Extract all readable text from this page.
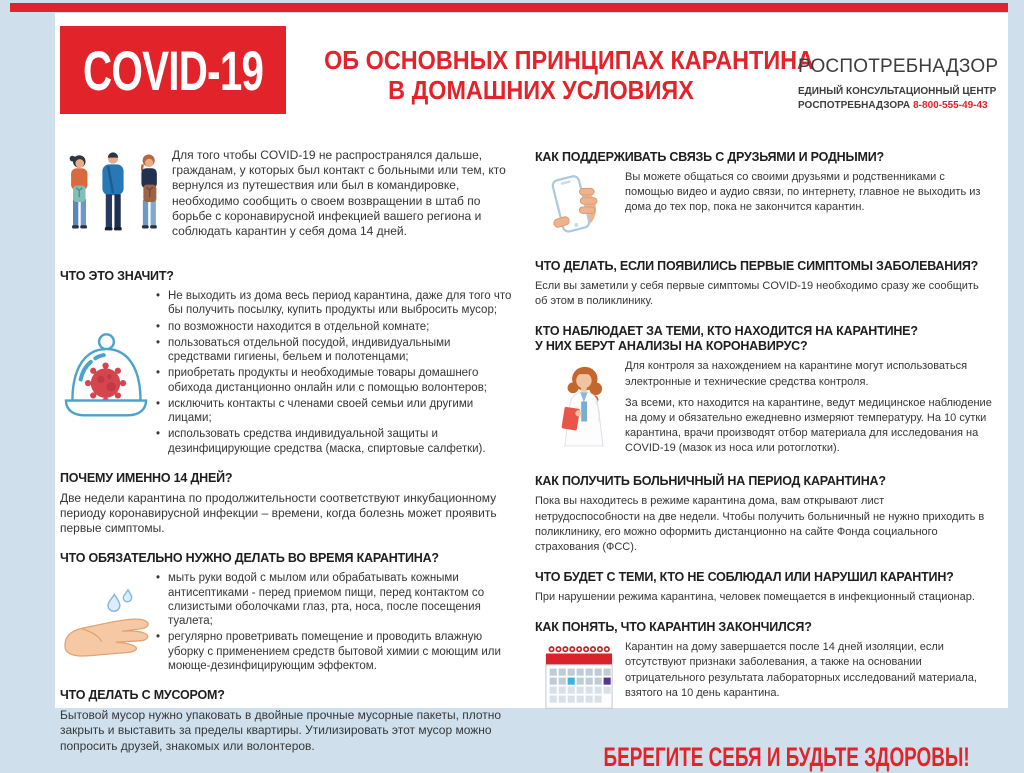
COVID-19 ОБ ОСНОВНЫХ ПРИНЦИПАХ КАРАНТИНА
В ДОМАШНИХ УСЛОВИЯХ
РОСПОТРЕБНАДЗОР
ЕДИНЫЙ КОНСУЛЬТАЦИОННЫЙ ЦЕНТР
РОСПОТРЕБНАДЗОРА 8-800-555-49-43
Для того чтобы COVID-19 не распространялся дальше, гражданам, у которых был контакт с больными или тем, кто вернулся из путешествия или был в командировке, необходимо сообщить о своем возвращении в штаб по борьбе с коронавирусной инфекцией вашего региона и соблюдать карантин у себя дома 14 дней.
ЧТО ЭТО ЗНАЧИТ?
• Не выходить из дома весь период карантина, даже для того что бы получить посылку, купить продукты или выбросить мусор;
• по возможности находится в отдельной комнате;
• пользоваться отдельной посудой, индивидуальными средствами гигиены, бельем и полотенцами;
• приобретать продукты и необходимые товары домашнего обихода дистанционно онлайн или с помощью волонтеров;
• исключить контакты с членами своей семьи или другими лицами;
• использовать средства индивидуальной защиты и дезинфицирующие средства (маска, спиртовые салфетки).
ПОЧЕМУ ИМЕННО 14 ДНЕЙ?
Две недели карантина по продолжительности соответствуют инкубационному периоду коронавирусной инфекции – времени, когда болезнь может проявить первые симптомы.
ЧТО ОБЯЗАТЕЛЬНО НУЖНО ДЕЛАТЬ ВО ВРЕМЯ КАРАНТИНА?
• мыть руки водой с мылом или обрабатывать кожными антисептиками - перед приемом пищи, перед контактом со слизистыми оболочками глаз, рта, носа, после посещения туалета;
• регулярно проветривать помещение и проводить влажную уборку с применением средств бытовой химии с моющим или моюще-дезинфицирующим эффектом.
ЧТО ДЕЛАТЬ С МУСОРОМ?
Бытовой мусор нужно упаковать в двойные прочные мусорные пакеты, плотно закрыть и выставить за пределы квартиры. Утилизировать этот мусор можно попросить друзей, знакомых или волонтеров.
КАК ПОДДЕРЖИВАТЬ СВЯЗЬ С ДРУЗЬЯМИ И РОДНЫМИ?
Вы можете общаться со своими друзьями и родственниками с помощью видео и аудио связи, по интернету, главное не выходить из дома до тех пор, пока не закончится карантин.
ЧТО ДЕЛАТЬ, ЕСЛИ ПОЯВИЛИСЬ ПЕРВЫЕ СИМПТОМЫ ЗАБОЛЕВАНИЯ?
Если вы заметили у себя первые симптомы COVID-19 необходимо сразу же сообщить об этом в поликлинику.
КТО НАБЛЮДАЕТ ЗА ТЕМИ, КТО НАХОДИТСЯ НА КАРАНТИНЕ?
У НИХ БЕРУТ АНАЛИЗЫ НА КОРОНАВИРУС?
Для контроля за нахождением на карантине могут использоваться электронные и технические средства контроля.
За всеми, кто находится на карантине, ведут медицинское наблюдение на дому и обязательно ежедневно измеряют температуру. На 10 сутки карантина, врачи производят отбор материала для исследования на COVID-19 (мазок из носа или ротоглотки).
КАК ПОЛУЧИТЬ БОЛЬНИЧНЫЙ НА ПЕРИОД КАРАНТИНА?
Пока вы находитесь в режиме карантина дома, вам открывают лист нетрудоспособности на две недели. Чтобы получить больничный не нужно приходить в поликлинику, его можно оформить дистанционно на сайте Фонда социального страхования (ФСС).
ЧТО БУДЕТ С ТЕМИ, КТО НЕ СОБЛЮДАЛ ИЛИ НАРУШИЛ КАРАНТИН?
При нарушении режима карантина, человек помещается в инфекционный стационар.
КАК ПОНЯТЬ, ЧТО КАРАНТИН ЗАКОНЧИЛСЯ?
Карантин на дому завершается после 14 дней изоляции, если отсутствуют признаки заболевания, а также на основании отрицательного результата лабораторных исследований материала, взятого на 10 день карантина.
БЕРЕГИТЕ СЕБЯ И БУДЬТЕ ЗДОРОВЫ!
